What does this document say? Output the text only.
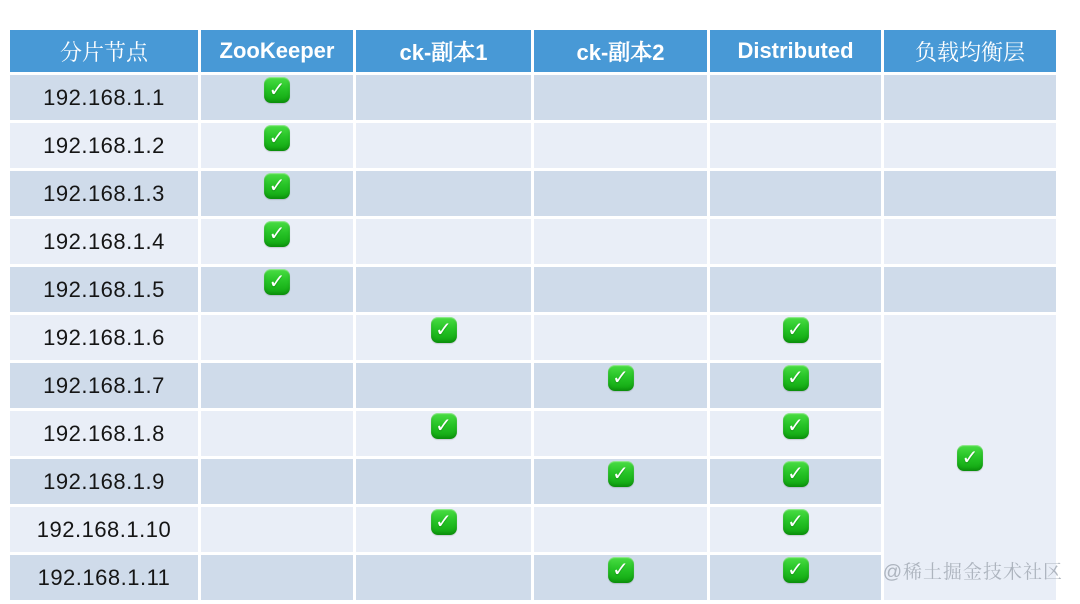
分片节点	ZooKeeper	ck-副本1	ck-副本2	Distributed	负载均衡层
192.168.1.1	✓				
192.168.1.2	✓				
192.168.1.3	✓				
192.168.1.4	✓				
192.168.1.5	✓				
192.168.1.6		✓		✓	✓
192.168.1.7			✓	✓	
192.168.1.8		✓		✓	
192.168.1.9			✓	✓	
192.168.1.10		✓		✓	
192.168.1.11			✓	✓		@稀土掘金技术社区
